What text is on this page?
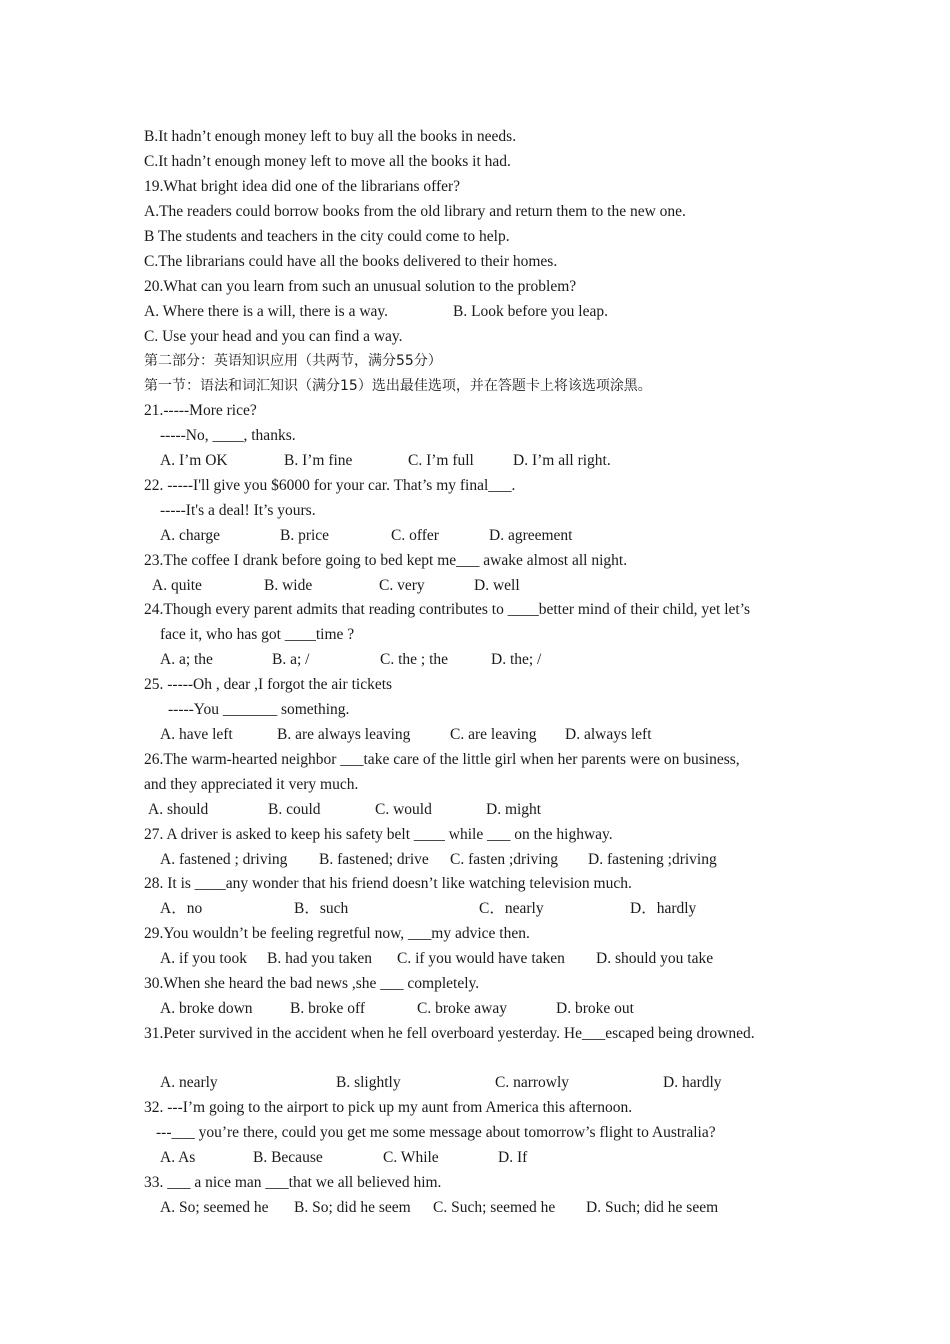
B.It hadn’t enough money left to buy all the books in needs.
C.It hadn’t enough money left to move all the books it had.
19.What bright idea did one of the librarians offer?
A.The readers could borrow books from the old library and return them to the new one.
B The students and teachers in the city could come to help.
C.The librarians could have all the books delivered to their homes.
20.What can you learn from such an unusual solution to the problem?
A. Where there is a will, there is a way.	B. Look before you leap.
C. Use your head and you can find a way.
第二部分：英语知识应用（共两节，满分55分）
第一节：语法和词汇知识（满分15）选出最佳选项，并在答题卡上将该选项涂黑。
21.-----More rice?
-----No, ____, thanks.
A. I’m OK	B. I’m fine	C. I’m full	D. I’m all right.
22. -----I'll give you $6000 for your car. That’s my final___.
-----It's a deal! It’s yours.
A. charge	B. price	C. offer	D. agreement
23.The coffee I drank before going to bed kept me___ awake almost all night.
A. quite	B. wide	C. very	D. well
24.Though every parent admits that reading contributes to ____better mind of their child, yet let’s
face it, who has got ____time ?
A. a; the	B. a; /	C. the ; the	D. the; /
25. -----Oh , dear ,I forgot the air tickets
-----You _______ something.
A. have left	B. are always leaving	C. are leaving D. always left
26.The warm-hearted neighbor ___take care of the little girl when her parents were on business,
and they appreciated it very much.
A. should	B. could	C. would	D. might
27. A driver is asked to keep his safety belt ____ while ___ on the highway.
A. fastened ; driving B. fastened; drive C. fasten ;driving D. fastening ;driving
28. It is ____any wonder that his friend doesn’t like watching television much.
A．no	B．such	C．nearly	D．hardly
29.You wouldn’t be feeling regretful now, ___my advice then.
A. if you took B. had you taken C. if you would have taken D. should you take
30.When she heard the bad news ,she ___ completely.
A. broke down B. broke off	C. broke away	D. broke out
31.Peter survived in the accident when he fell overboard yesterday. He___escaped being drowned.
A. nearly	B. slightly	C. narrowly	D. hardly
32. ---I’m going to the airport to pick up my aunt from America this afternoon.
---___ you’re there, could you get me some message about tomorrow’s flight to Australia?
A. As	B. Because	C. While	D. If
33. ___ a nice man ___that we all believed him.
A. So; seemed he B. So; did he seem C. Such; seemed he D. Such; did he seem
